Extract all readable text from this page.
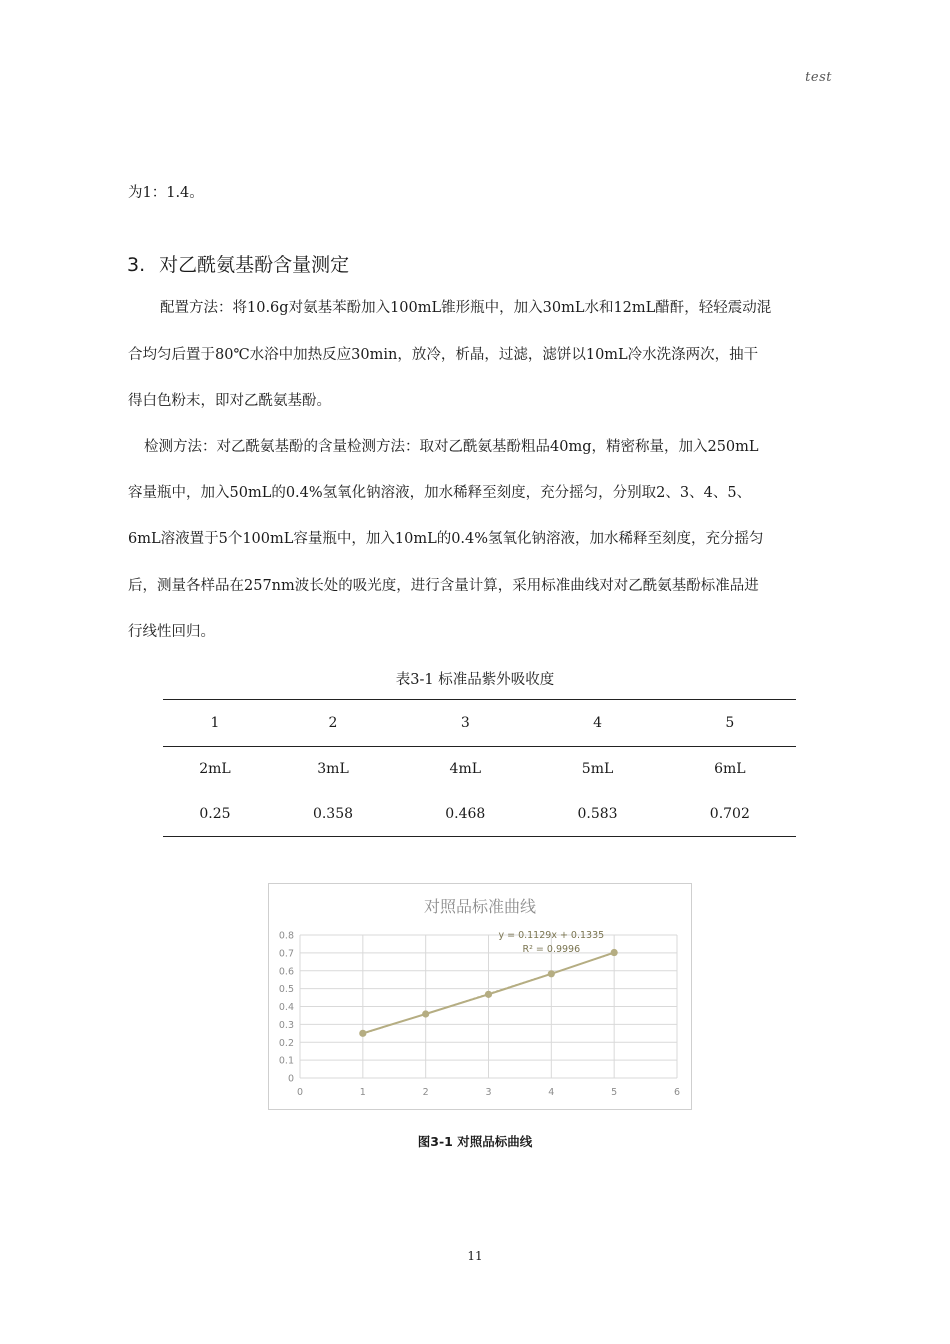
test
为1：1.4。
3. 对乙酰氨基酚含量测定
配置方法：将10.6g对氨基苯酚加入100mL锥形瓶中，加入30mL水和12mL醋酐，轻轻震动混
合均匀后置于80℃水浴中加热反应30min，放冷，析晶，过滤，滤饼以10mL冷水洗涤两次，抽干
得白色粉末，即对乙酰氨基酚。
检测方法：对乙酰氨基酚的含量检测方法：取对乙酰氨基酚粗品40mg，精密称量，加入250mL
容量瓶中，加入50mL的0.4%氢氧化钠溶液，加水稀释至刻度，充分摇匀，分别取2、3、4、5、
6mL溶液置于5个100mL容量瓶中，加入10mL的0.4%氢氧化钠溶液，加水稀释至刻度，充分摇匀
后，测量各样品在257nm波长处的吸光度，进行含量计算，采用标准曲线对对乙酰氨基酚标准品进
行线性回归。
表3-1 标准品紫外吸收度
1	2	3	4	5
2mL	3mL	4mL	5mL	6mL
0.25	0.358	0.468	0.583	0.702
对照品标准曲线
0
0.1
0.2
0.3
0.4
0.5
0.6
0.7
0.8
0	1	2	3	4	5	6
y = 0.1129x + 0.1335
R² = 0.9996
图3-1 对照品标曲线
11
